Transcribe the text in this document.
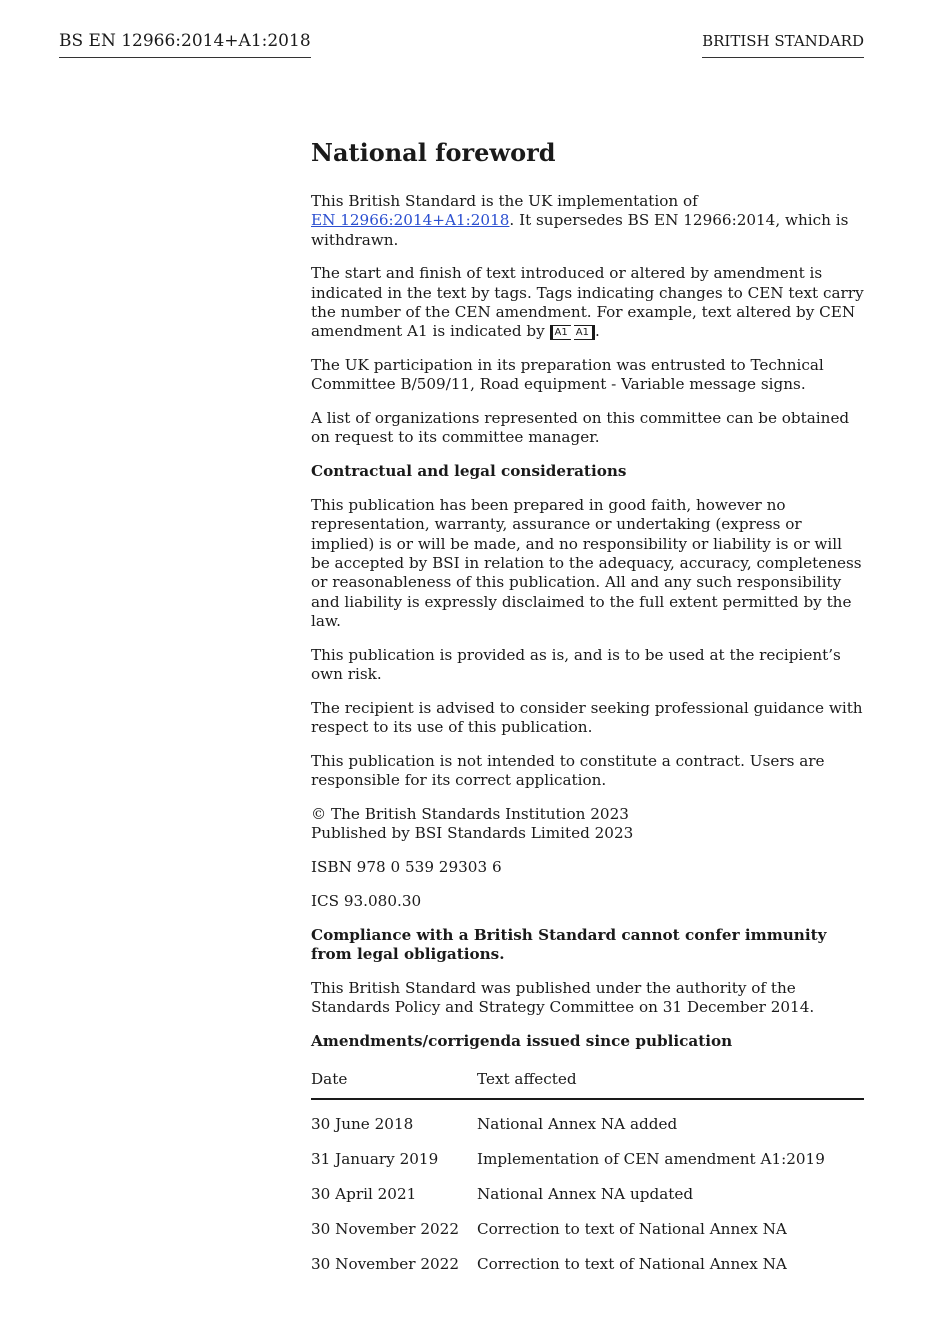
BS EN 12966:2014+A1:2018	BRITISH STANDARD
National foreword

This British Standard is the UK implementation of
EN 12966:2014+A1:2018. It supersedes BS EN 12966:2014, which is withdrawn.

The start and finish of text introduced or altered by amendment is indicated in the text by tags. Tags indicating changes to CEN text carry the number of the CEN amendment. For example, text altered by CEN amendment A1 is indicated by A1 A1 .

The UK participation in its preparation was entrusted to Technical Committee B/509/11, Road equipment - Variable message signs.

A list of organizations represented on this committee can be obtained on request to its committee manager.

Contractual and legal considerations

This publication has been prepared in good faith, however no representation, warranty, assurance or undertaking (express or implied) is or will be made, and no responsibility or liability is or will be accepted by BSI in relation to the adequacy, accuracy, completeness or reasonableness of this publication. All and any such responsibility and liability is expressly disclaimed to the full extent permitted by the law.

This publication is provided as is, and is to be used at the recipient’s own risk.

The recipient is advised to consider seeking professional guidance with respect to its use of this publication.

This publication is not intended to constitute a contract. Users are responsible for its correct application.

© The British Standards Institution 2023
Published by BSI Standards Limited 2023

ISBN 978 0 539 29303 6

ICS 93.080.30

Compliance with a British Standard cannot confer immunity from legal obligations.

This British Standard was published under the authority of the Standards Policy and Strategy Committee on 31 December 2014.

Amendments/corrigenda issued since publication

Date	Text affected

30 June 2018	National Annex NA added
31 January 2019	Implementation of CEN amendment A1:2019
30 April 2021	National Annex NA updated
30 November 2022	Correction to text of National Annex NA
30 November 2022	Correction to text of National Annex NA
